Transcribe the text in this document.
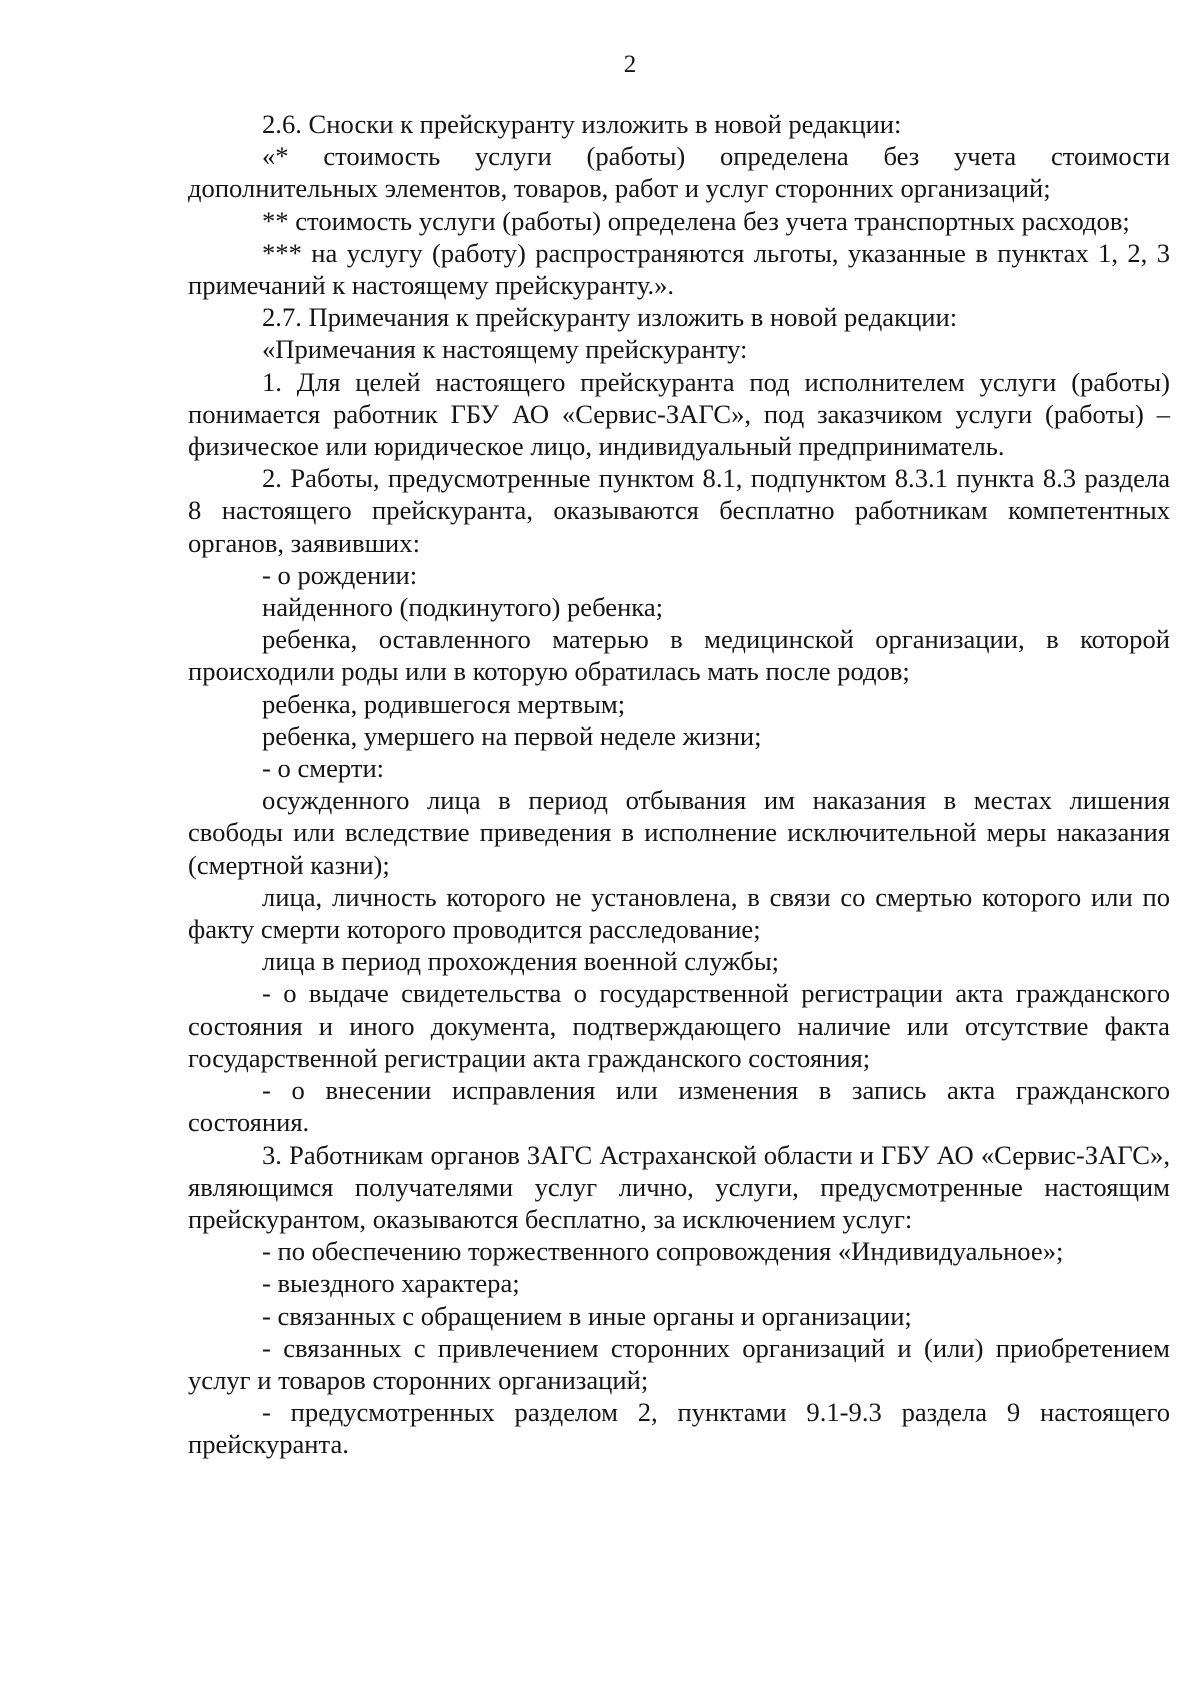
2

2.6. Сноски к прейскуранту изложить в новой редакции:

«* стоимость услуги (работы) определена без учета стоимости дополнительных элементов, товаров, работ и услуг сторонних организаций;

** стоимость услуги (работы) определена без учета транспортных расходов;

*** на услугу (работу) распространяются льготы, указанные в пунктах 1, 2, 3 примечаний к настоящему прейскуранту.».

2.7. Примечания к прейскуранту изложить в новой редакции:

«Примечания к настоящему прейскуранту:

1. Для целей настоящего прейскуранта под исполнителем услуги (работы) понимается работник ГБУ АО «Сервис-ЗАГС», под заказчиком услуги (работы) – физическое или юридическое лицо, индивидуальный предприниматель.

2. Работы, предусмотренные пунктом 8.1, подпунктом 8.3.1 пункта 8.3 раздела 8 настоящего прейскуранта, оказываются бесплатно работникам компетентных органов, заявивших:

- о рождении:

найденного (подкинутого) ребенка;

ребенка, оставленного матерью в медицинской организации, в которой происходили роды или в которую обратилась мать после родов;

ребенка, родившегося мертвым;

ребенка, умершего на первой неделе жизни;

- о смерти:

осужденного лица в период отбывания им наказания в местах лишения свободы или вследствие приведения в исполнение исключительной меры наказания (смертной казни);

лица, личность которого не установлена, в связи со смертью которого или по факту смерти которого проводится расследование;

лица в период прохождения военной службы;

- о выдаче свидетельства о государственной регистрации акта гражданского состояния и иного документа, подтверждающего наличие или отсутствие факта государственной регистрации акта гражданского состояния;

- о внесении исправления или изменения в запись акта гражданского состояния.

3. Работникам органов ЗАГС Астраханской области и ГБУ АО «Сервис-ЗАГС», являющимся получателями услуг лично, услуги, предусмотренные настоящим прейскурантом, оказываются бесплатно, за исключением услуг:

- по обеспечению торжественного сопровождения «Индивидуальное»;

- выездного характера;

- связанных с обращением в иные органы и организации;

- связанных с привлечением сторонних организаций и (или) приобретением услуг и товаров сторонних организаций;

- предусмотренных разделом 2, пунктами 9.1-9.3 раздела 9 настоящего прейскуранта.
